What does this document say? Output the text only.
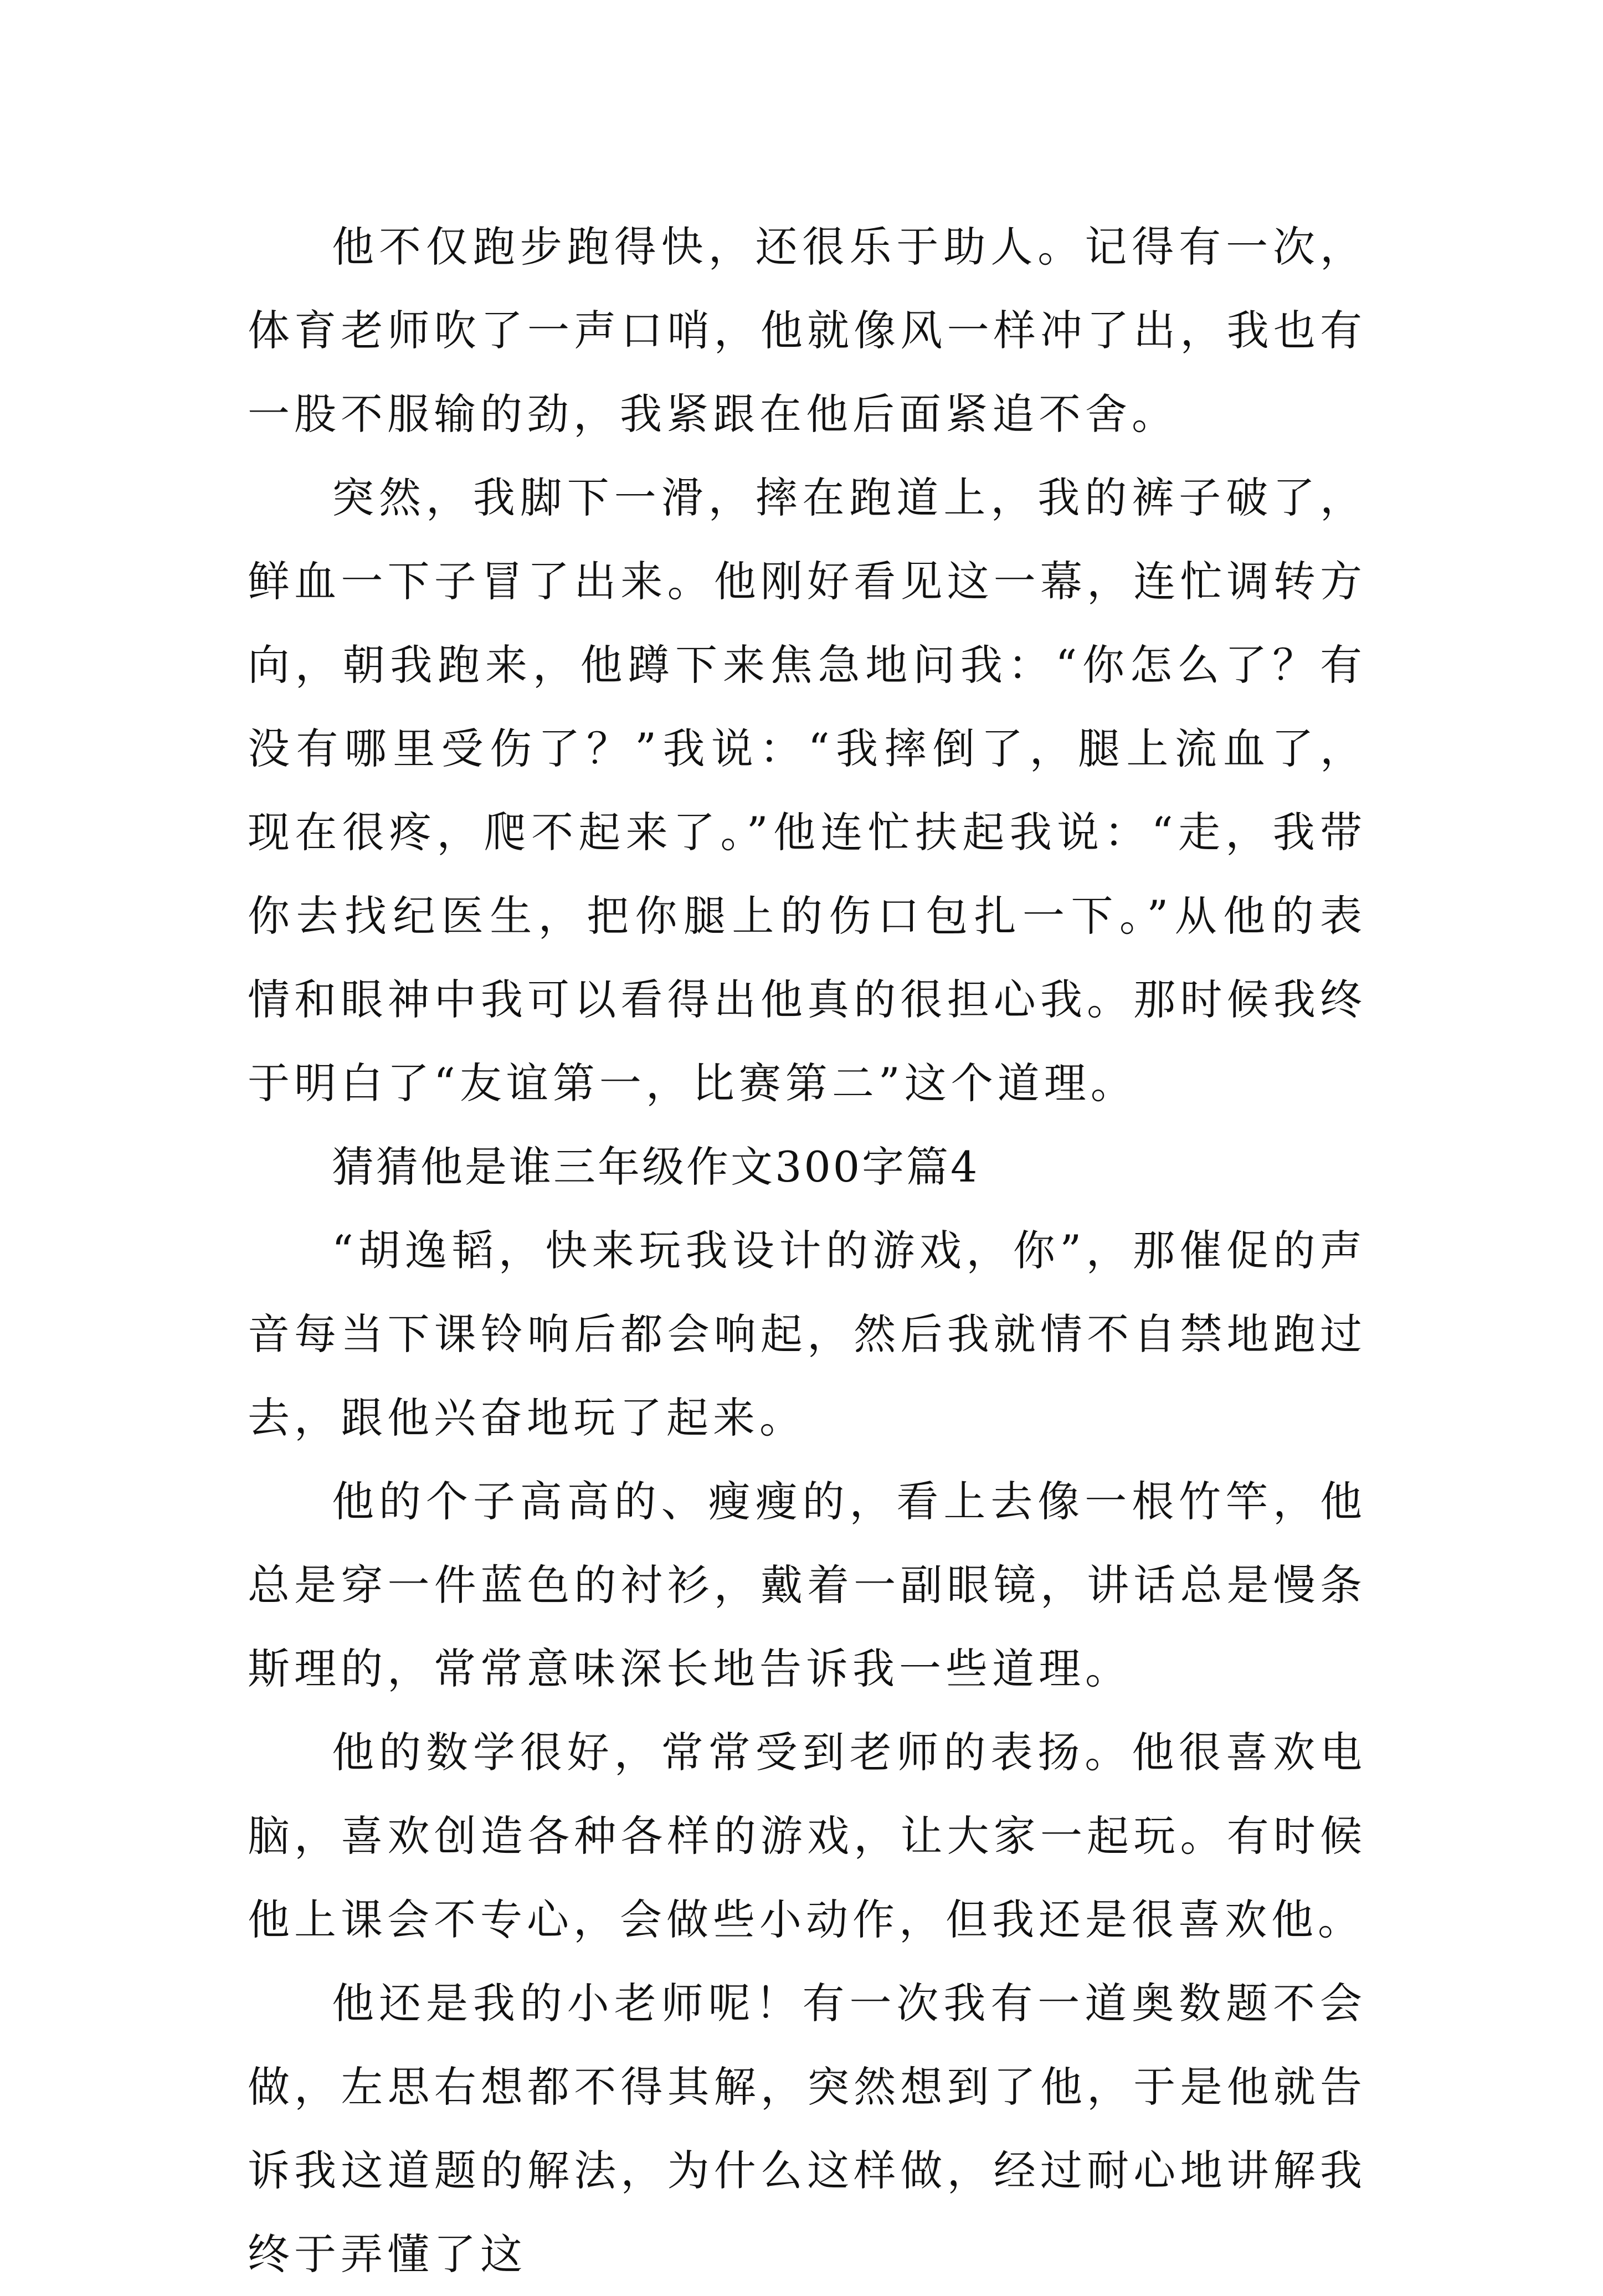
他不仅跑步跑得快，还很乐于助人。记得有一次，体育老师吹了一声口哨，他就像风一样冲了出，我也有一股不服输的劲，我紧跟在他后面紧追不舍。

突然，我脚下一滑，摔在跑道上，我的裤子破了，鲜血一下子冒了出来。他刚好看见这一幕，连忙调转方向，朝我跑来，他蹲下来焦急地问我：“你怎么了？有没有哪里受伤了？”我说：“我摔倒了，腿上流血了，现在很疼，爬不起来了。”他连忙扶起我说：“走，我带你去找纪医生，把你腿上的伤口包扎一下。”从他的表情和眼神中我可以看得出他真的很担心我。那时候我终于明白了“友谊第一，比赛第二”这个道理。

猜猜他是谁三年级作文300字篇4

“胡逸韬，快来玩我设计的游戏，你”，那催促的声音每当下课铃响后都会响起，然后我就情不自禁地跑过去，跟他兴奋地玩了起来。

他的个子高高的、瘦瘦的，看上去像一根竹竿，他总是穿一件蓝色的衬衫，戴着一副眼镜，讲话总是慢条斯理的，常常意味深长地告诉我一些道理。

他的数学很好，常常受到老师的表扬。他很喜欢电脑，喜欢创造各种各样的游戏，让大家一起玩。有时候他上课会不专心，会做些小动作，但我还是很喜欢他。

他还是我的小老师呢！有一次我有一道奥数题不会做，左思右想都不得其解，突然想到了他，于是他就告诉我这道题的解法，为什么这样做，经过耐心地讲解我终于弄懂了这
